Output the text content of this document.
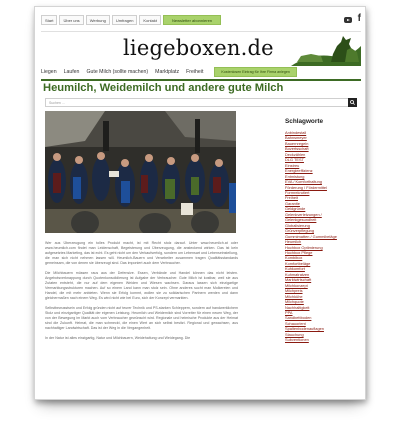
Start	Über uns	Werbung	Umfragen	Kontakt	Newsletter abonnieren	f
liegeboxen.de
Liegen Laufen Gute Milch (sollte machen) Marktplatz Freiheit	Kostenlosen Eintrag für Ihre Firma anlegen
Heumilch, Weidemilch und andere gute Milch
Suchen ...

Wer aus Überzeugung ein tolles Produkt macht, ist mit Recht stolz darauf. Unter www.heumilch.at oder www.heumilch.com findet man Leidenschaft, Begeisterung und Überzeugung, die ansteckend wirken. Das ist kein aufgesetztes Marketing, das ist echt. Es geht nicht um den Verkaufserfolg, sondern um Lebensart und Lebenseinstellung, die man sich nicht nehmen lassen will. Heumilch-Bauern und Verarbeiter zusammen tragen Qualitätsstandards gemeinsam, die von denen sie überzeugt sind. Das imponiert auch dem Verbraucher.

Die Milchbauern müssen raus aus der Defensive. Essen, Verbände und Handel können das nicht leisten. Angebotsverknappung durch Quotenkonsolidierung ist Aufgabe der Verbraucher. Gute Milch ist kostbar, weil sie aus Zutaten entsteht, die nur auf dem eigenen Weiden und Wiesen wachsen. Daraus lassen sich einzigartige Vermarktungsstrukturen machen. Auf so einem Land kann man stolz sein. Ohne anderes sucht man Molkereien und Handel, die mit mehr anbieten. Wenn sie Erfolg kommt, wollen sie zu solidarischen Partnern werden und dann gleichermaßen nach einem Weg. Es wird nicht wie bei Euro, sich der Konzept vermarkten.

Selbstbewusstsein und Erfolg gründen nicht auf teurer Technik und PS-starken Schleppern, sondern auf handwerklichem Stolz und einzigartiger Qualität der eigenen Leistung. Heumilch und Weidemilch sind Vorreiter für einen neuen Weg, der von der Bewegung im Markt auch vom Verbraucher gewünscht wird. Regionale und heimische Produkte aus der Heimat sind die Zukunft. Heimat, die man schmeckt, die einen Wert an sich selbst besitzt. Regional und gewachsen, aus nachhaltiger Landwirtschaft. Das ist der Weg in die Vergangenheit.

In der Natur ist alles einzigartig, Natur und Milchbauern, Weidehaltung und Weidegang. Die

Schlagworte
Anbindestall
Bahnsmeyer
Bauernregeln
Bovertsschaft
Deckzählen
DLG TEST
Einstreu
Energieeffizienz
Entmistung
EVA / Komforthaltung
Förderung / Fördermittel
Formrekrutiert
Freiheit
Garantie
Geldgründe
Gelenkverletzungen /
Gelenkgesundheit
Globalisierung
Grünverpflegung
Gummimatten / Gummibeläge
Heumilch
Hochbox Optimierung
Hochbox Pflege
Kombibox
Komfortbeläge
Kuhkomfort
Kuhmatratzen
Marktwirtschaft
Milchkonzept
Milchpreis
Milchkühe
Milchquote
Nachhaltigkeit
PPA
Sandbettboden
Schauorient
Spaltenbodenauflagen
Stauchung
Subventionen
